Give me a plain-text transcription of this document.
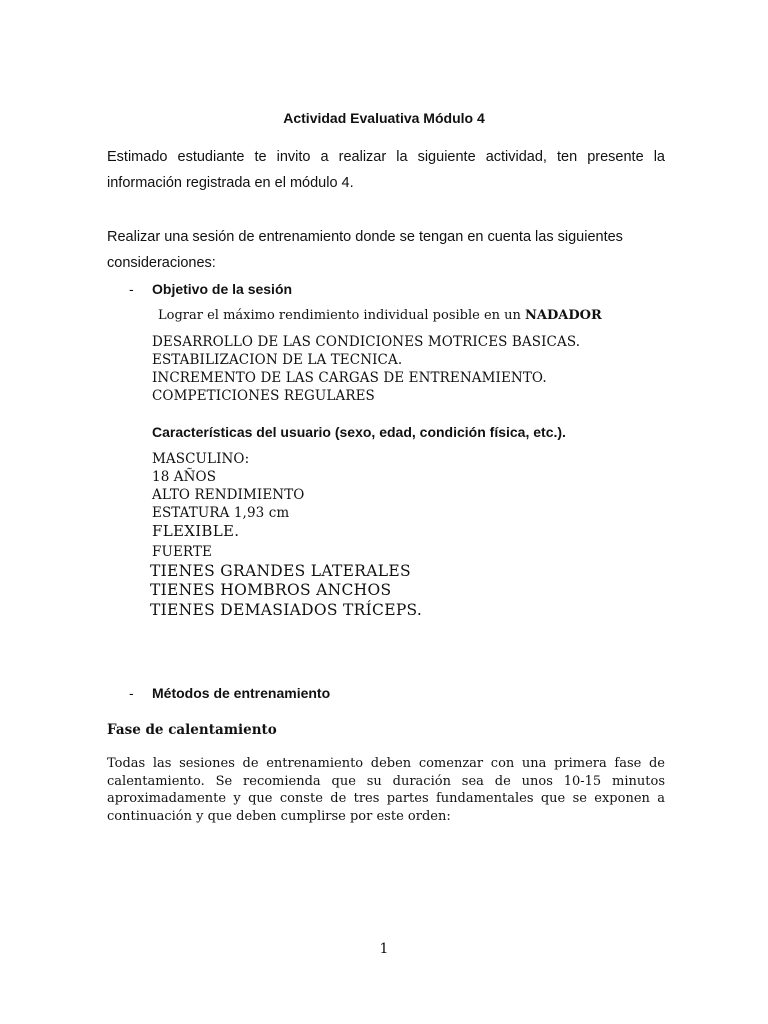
Actividad Evaluativa Módulo 4
Estimado estudiante te invito a realizar la siguiente actividad, ten presente la información registrada en el módulo 4.
Realizar una sesión de entrenamiento donde se tengan en cuenta las siguientes consideraciones:
- Objetivo de la sesión
Lograr el máximo rendimiento individual posible en un NADADOR
DESARROLLO DE LAS CONDICIONES MOTRICES BASICAS.
ESTABILIZACION DE LA TECNICA.
INCREMENTO DE LAS CARGAS DE ENTRENAMIENTO.
COMPETICIONES REGULARES
Características del usuario (sexo, edad, condición física, etc.).
MASCULINO:
18 AÑOS
ALTO RENDIMIENTO
ESTATURA 1,93 cm
FLEXIBLE.
FUERTE
TIENES GRANDES LATERALES
TIENES HOMBROS ANCHOS
TIENES DEMASIADOS TRÍCEPS.
- Métodos de entrenamiento
Fase de calentamiento
Todas las sesiones de entrenamiento deben comenzar con una primera fase de calentamiento. Se recomienda que su duración sea de unos 10-15 minutos aproximadamente y que conste de tres partes fundamentales que se exponen a continuación y que deben cumplirse por este orden:
1
